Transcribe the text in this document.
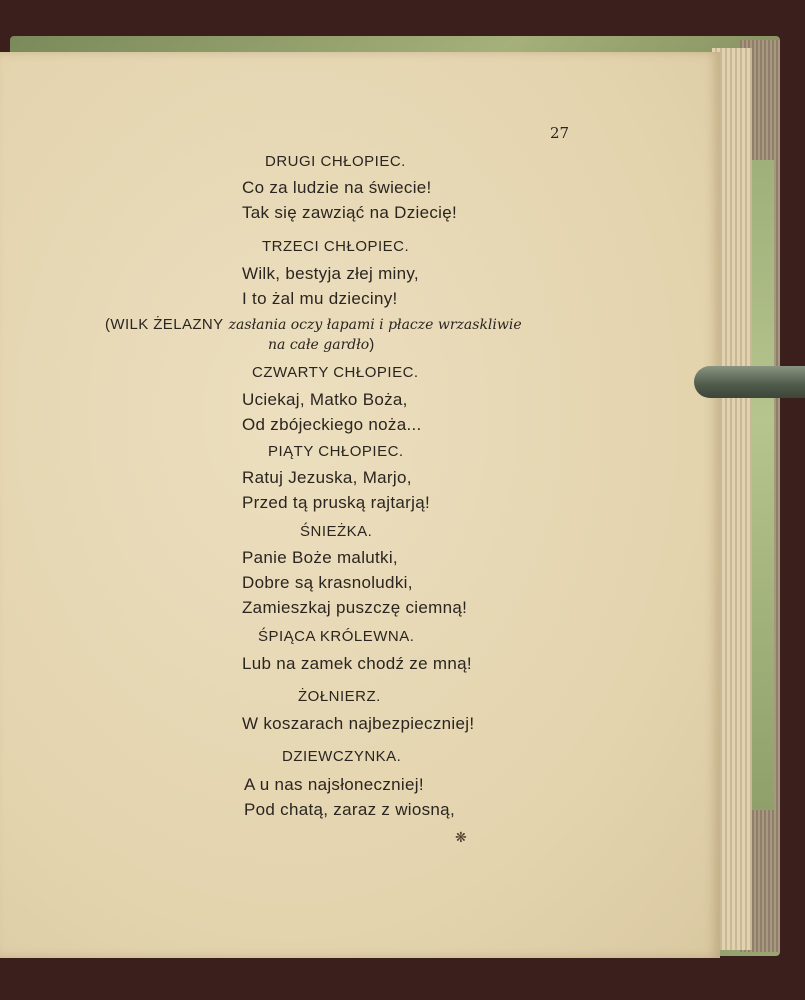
27
DRUGI CHŁOPIEC.
Co za ludzie na świecie!
Tak się zawziąć na Dziecię!
TRZECI CHŁOPIEC.
Wilk, bestyja złej miny,
I to żal mu dzieciny!
(WILK ŻELAZNY zasłania oczy łapami i płacze wrzaskliwie
na całe gardło)
CZWARTY CHŁOPIEC.
Uciekaj, Matko Boża,
Od zbójeckiego noża...
PIĄTY CHŁOPIEC.
Ratuj Jezuska, Marjo,
Przed tą pruską rajtarją!
ŚNIEŻKA.
Panie Boże malutki,
Dobre są krasnoludki,
Zamieszkaj puszczę ciemną!
ŚPIĄCA KRÓLEWNA.
Lub na zamek chodź ze mną!
ŻOŁNIERZ.
W koszarach najbezpieczniej!
DZIEWCZYNKA.
A u nas najsłoneczniej!
Pod chatą, zaraz z wiosną,
❋
